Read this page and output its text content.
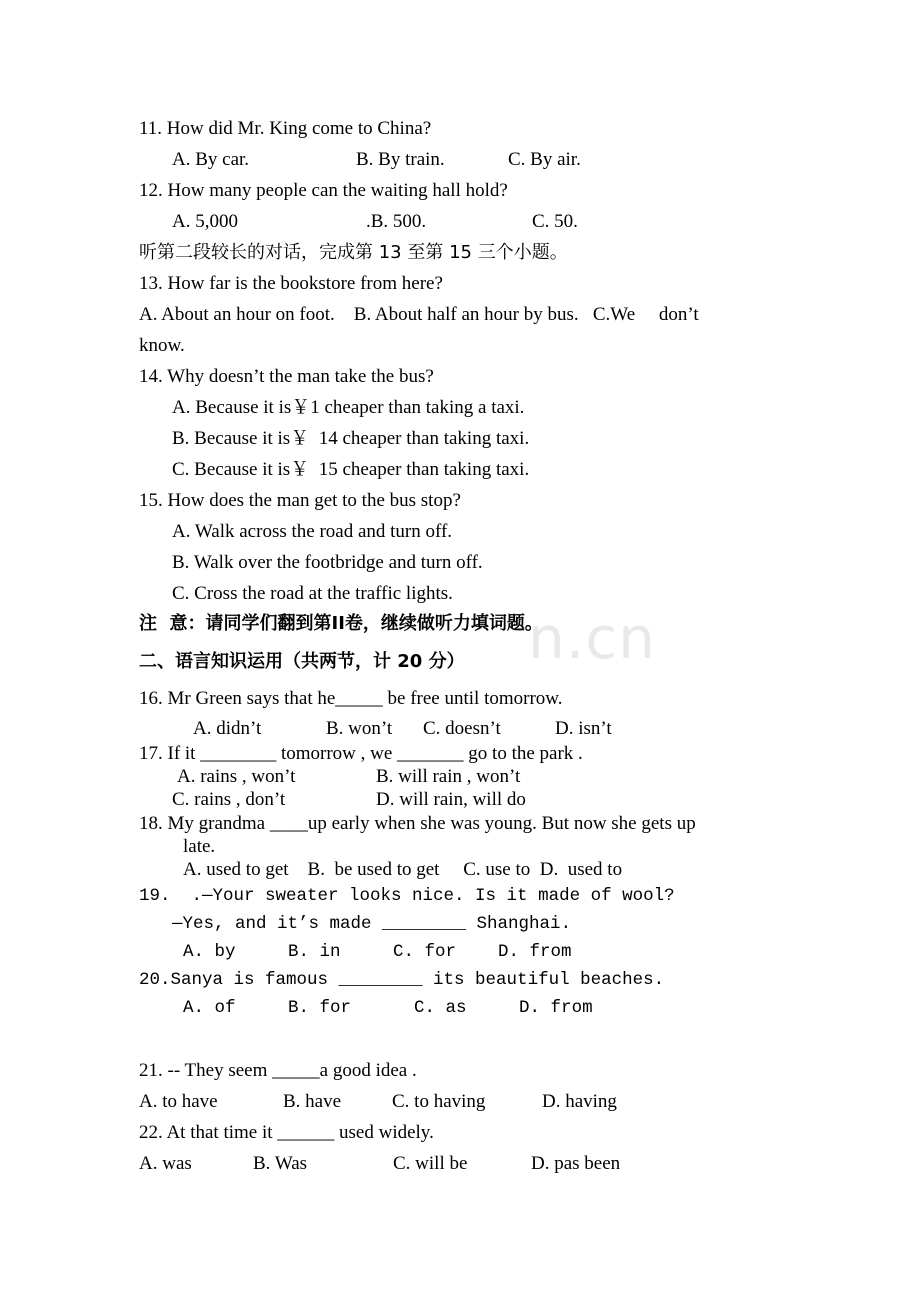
n.cn
11. How did Mr. King come to China?
A. By car.	B. By train.	C. By air.
12. How many people can the waiting hall hold?
A. 5,000	.B. 500.	C. 50.
听第二段较长的对话，完成第 13 至第 15 三个小题。
13. How far is the bookstore from here?
A. About an hour on foot.    B. About half an hour by bus.   C.We     don’t
know.
14. Why doesn’t the man take the bus?
A. Because it is￥1 cheaper than taking a taxi.
B. Because it is￥  14 cheaper than taking taxi.
C. Because it is￥  15 cheaper than taking taxi.
15. How does the man get to the bus stop?
A. Walk across the road and turn off.
B. Walk over the footbridge and turn off.
C. Cross the road at the traffic lights.
注  意：请同学们翻到第II卷，继续做听力填词题。
二、语言知识运用（共两节，计 20 分）
16. Mr Green says that he_____ be free until tomorrow.
A. didn’t	B. won’t C. doesn’t	D. isn’t
17. If it ________ tomorrow , we _______ go to the park .
A. rains , won’t	B. will rain , won’t
C. rains , don’t	D. will rain, will do
18. My grandma ____up early when she was young. But now she gets up
late.
A. used to get    B.  be used to get     C. use to  D.  used to
19.  .—Your sweater looks nice. Is it made of wool?
—Yes, and it’s made ________ Shanghai.
A. by     B. in     C. for    D. from
20.Sanya is famous ________ its beautiful beaches.
A. of     B. for      C. as     D. from
21. -- They seem _____a good idea .
A. to have	B. have	C. to having	D. having
22. At that time it ______ used widely.
A. was	B. Was	C. will be	D. pas been
